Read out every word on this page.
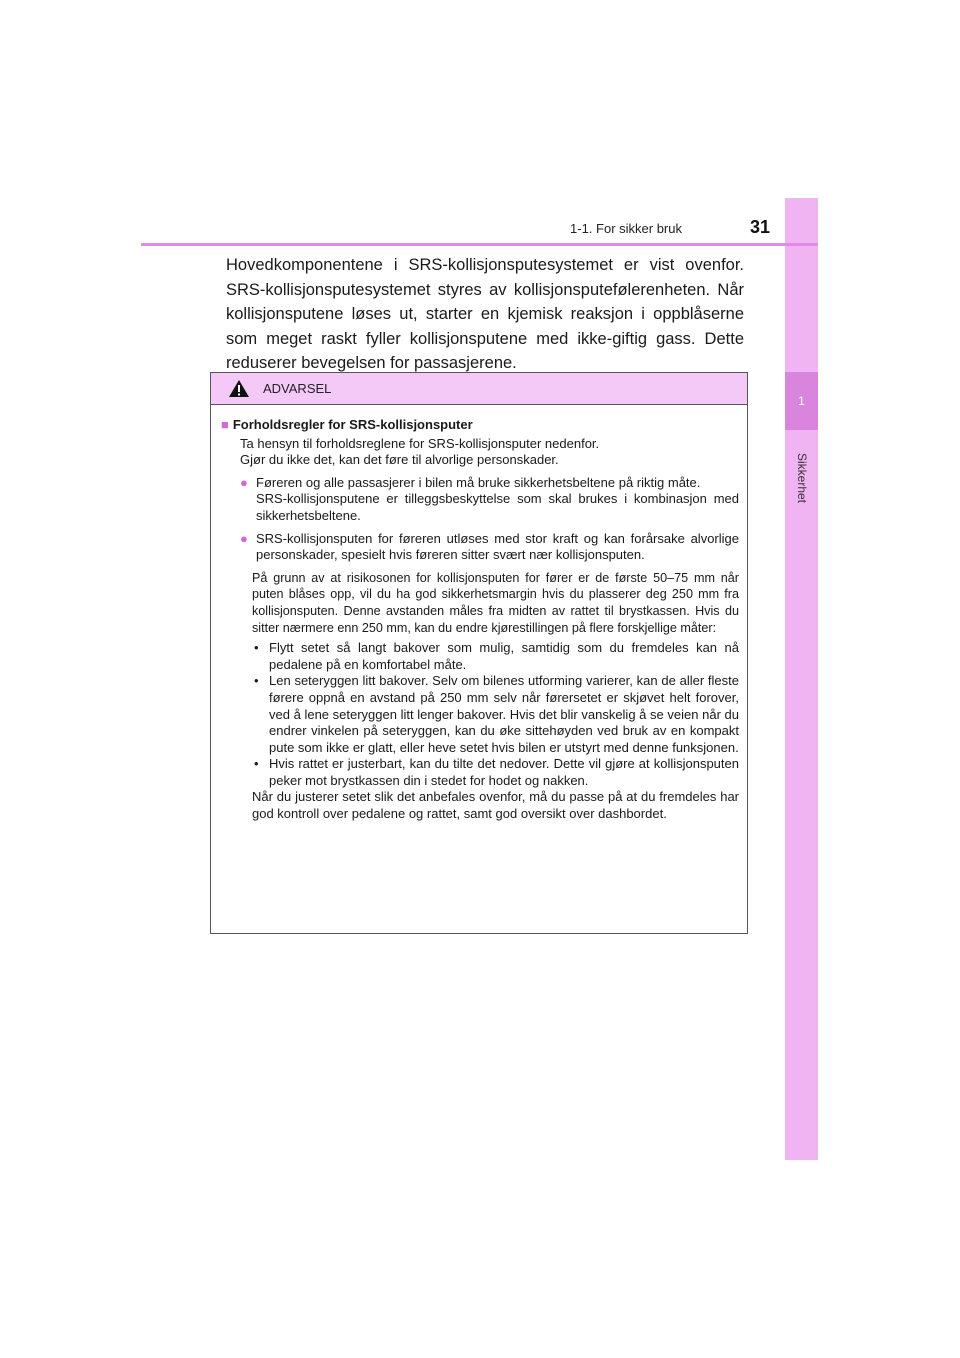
1
Sikkerhet
1-1. For sikker bruk	31
Hovedkomponentene i SRS-kollisjonsputesystemet er vist ovenfor. SRS-kollisjonsputesystemet styres av kollisjonsputefølerenheten. Når kollisjonsputene løses ut, starter en kjemisk reaksjon i oppblåserne som meget raskt fyller kollisjonsputene med ikke-giftig gass. Dette reduserer bevegelsen for passasjerene.
ADVARSEL
■ Forholdsregler for SRS-kollisjonsputer
Ta hensyn til forholdsreglene for SRS-kollisjonsputer nedenfor.
Gjør du ikke det, kan det føre til alvorlige personskader.
● Føreren og alle passasjerer i bilen må bruke sikkerhetsbeltene på riktig måte.
SRS-kollisjonsputene er tilleggsbeskyttelse som skal brukes i kombinasjon med sikkerhetsbeltene.
● SRS-kollisjonsputen for føreren utløses med stor kraft og kan forårsake alvorlige personskader, spesielt hvis føreren sitter svært nær kollisjonsputen.
På grunn av at risikosonen for kollisjonsputen for fører er de første 50–75 mm når puten blåses opp, vil du ha god sikkerhetsmargin hvis du plasserer deg 250 mm fra kollisjonsputen. Denne avstanden måles fra midten av rattet til brystkassen. Hvis du sitter nærmere enn 250 mm, kan du endre kjørestillingen på flere forskjellige måter:
• Flytt setet så langt bakover som mulig, samtidig som du fremdeles kan nå pedalene på en komfortabel måte.
• Len seteryggen litt bakover. Selv om bilenes utforming varierer, kan de aller fleste førere oppnå en avstand på 250 mm selv når førersetet er skjøvet helt forover, ved å lene seteryggen litt lenger bakover. Hvis det blir vanskelig å se veien når du endrer vinkelen på seteryggen, kan du øke sittehøyden ved bruk av en kompakt pute som ikke er glatt, eller heve setet hvis bilen er utstyrt med denne funksjonen.
• Hvis rattet er justerbart, kan du tilte det nedover. Dette vil gjøre at kollisjonsputen peker mot brystkassen din i stedet for hodet og nakken.
Når du justerer setet slik det anbefales ovenfor, må du passe på at du fremdeles har god kontroll over pedalene og rattet, samt god oversikt over dashbordet.
